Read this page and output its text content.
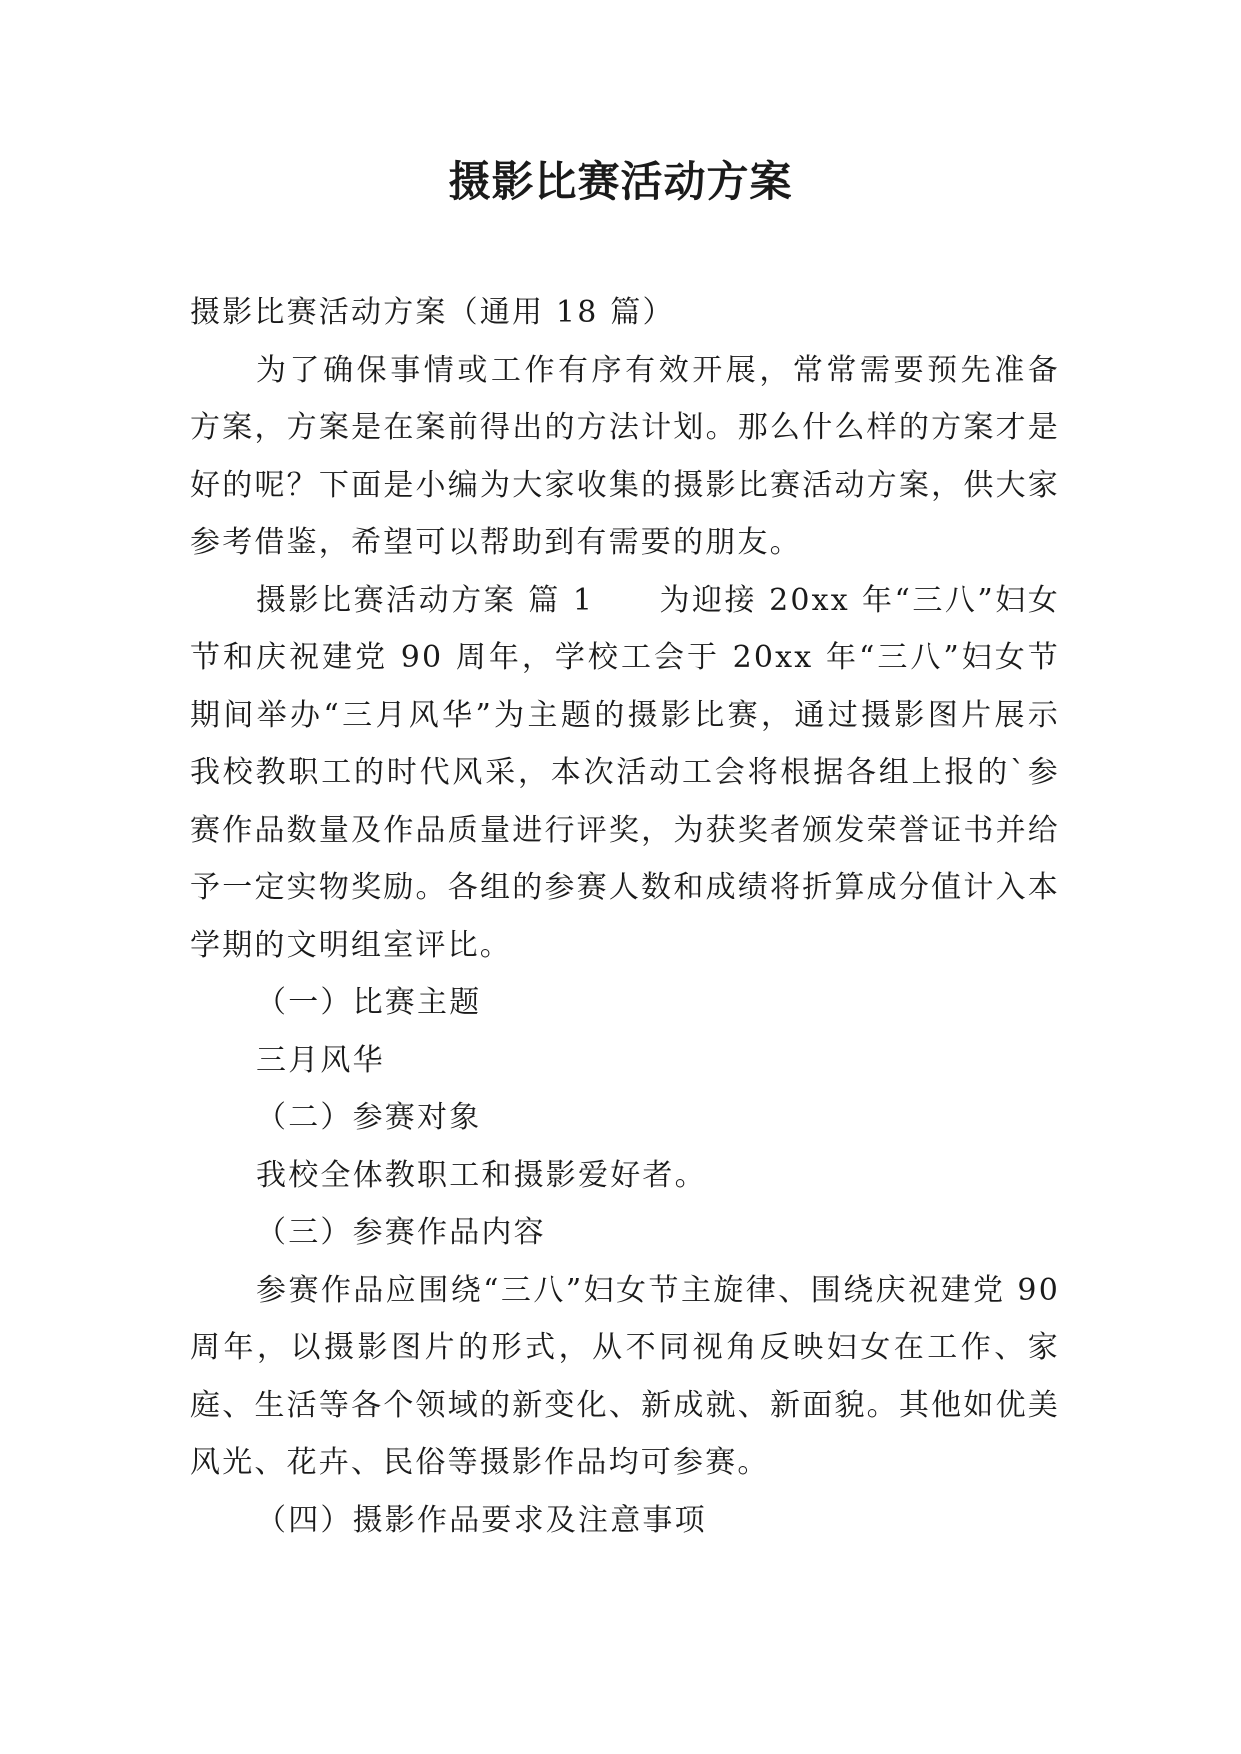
摄影比赛活动方案

摄影比赛活动方案（通用 18 篇）

为了确保事情或工作有序有效开展，常常需要预先准备方案，方案是在案前得出的方法计划。那么什么样的方案才是好的呢？下面是小编为大家收集的摄影比赛活动方案，供大家参考借鉴，希望可以帮助到有需要的朋友。

摄影比赛活动方案 篇 1　　为迎接 20xx 年“三八”妇女节和庆祝建党 90 周年，学校工会于 20xx 年“三八”妇女节期间举办“三月风华”为主题的摄影比赛，通过摄影图片展示我校教职工的时代风采，本次活动工会将根据各组上报的`参赛作品数量及作品质量进行评奖，为获奖者颁发荣誉证书并给予一定实物奖励。各组的参赛人数和成绩将折算成分值计入本学期的文明组室评比。

（一）比赛主题

三月风华

（二）参赛对象

我校全体教职工和摄影爱好者。

（三）参赛作品内容

参赛作品应围绕“三八”妇女节主旋律、围绕庆祝建党 90 周年，以摄影图片的形式，从不同视角反映妇女在工作、家庭、生活等各个领域的新变化、新成就、新面貌。其他如优美风光、花卉、民俗等摄影作品均可参赛。

（四）摄影作品要求及注意事项
